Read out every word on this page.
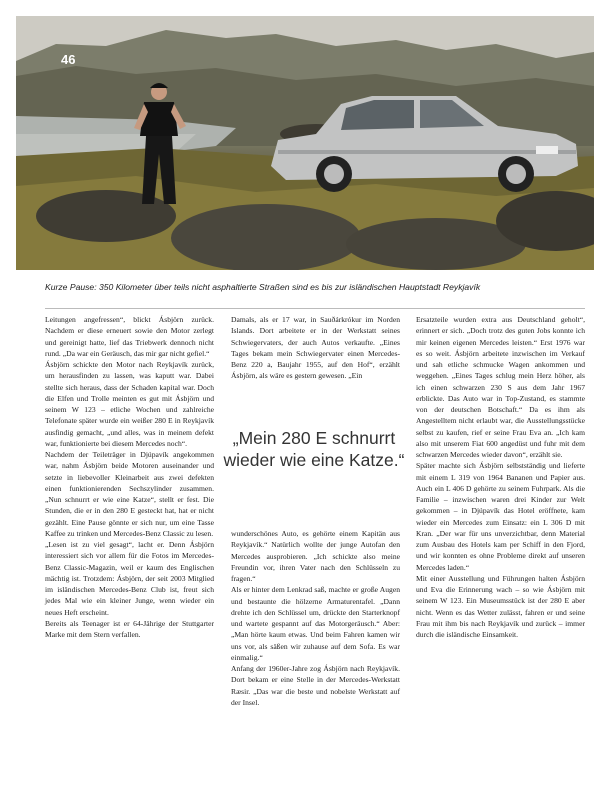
46
Kurze Pause: 350 Kilometer über teils nicht asphaltierte Straßen sind es bis zur isländischen Hauptstadt Reykjavík

Leitungen angefressen“, blickt Ásbjörn zurück. Nachdem er diese erneuert sowie den Motor zerlegt und gereinigt hatte, lief das Triebwerk dennoch nicht rund. „Da war ein Geräusch, das mir gar nicht gefiel.“

Ásbjörn schickte den Motor nach Reykjavík zurück, um herausfinden zu lassen, was kaputt war. Dabei stellte sich heraus, dass der Schaden kapital war. Doch die Elfen und Trolle meinten es gut mit Ásbjörn und seinem W 123 – etliche Wochen und zahlreiche Telefonate später wurde ein weißer 280 E in Reykjavík ausfindig gemacht, „und alles, was in meinem defekt war, funktionierte bei diesem Mercedes noch“.

Nachdem der Teileträger in Djúpavík angekommen war, nahm Ásbjörn beide Motoren auseinander und setzte in liebevoller Kleinarbeit aus zwei defekten einen funktionierenden Sechszylinder zusammen. „Nun schnurrt er wie eine Katze“, stellt er fest. Die Stunden, die er in den 280 E gesteckt hat, hat er nicht gezählt. Eine Pause gönnte er sich nur, um eine Tasse Kaffee zu trinken und Mercedes-Benz Classic zu lesen.

„Lesen ist zu viel gesagt“, lacht er. Denn Ásbjörn interessiert sich vor allem für die Fotos im Mercedes-Benz Classic-Magazin, weil er kaum des Englischen mächtig ist. Trotzdem: Ásbjörn, der seit 2003 Mitglied im isländischen Mercedes-Benz Club ist, freut sich jedes Mal wie ein kleiner Junge, wenn wieder ein neues Heft erscheint.

Bereits als Teenager ist er 64-Jährige der Stuttgarter Marke mit dem Stern verfallen.

Damals, als er 17 war, in Sauðárkrókur im Norden Islands. Dort arbeitete er in der Werkstatt seines Schwiegervaters, der auch Autos verkaufte. „Eines Tages bekam mein Schwiegervater einen Mercedes-Benz 220 a, Baujahr 1955, auf den Hof“, erzählt Ásbjörn, als wäre es gestern gewesen. „Ein

„Mein 280 E schnurrt wieder wie eine Katze.“

wunderschönes Auto, es gehörte einem Kapitän aus Reykjavík.“ Natürlich wollte der junge Autofan den Mercedes ausprobieren. „Ich schickte also meine Freundin vor, ihren Vater nach den Schlüsseln zu fragen.“

Als er hinter dem Lenkrad saß, machte er große Augen und bestaunte die hölzerne Armaturentafel. „Dann drehte ich den Schlüssel um, drückte den Starterknopf und wartete gespannt auf das Motorgeräusch.“ Aber: „Man hörte kaum etwas. Und beim Fahren kamen wir uns vor, als säßen wir zuhause auf dem Sofa. Es war einmalig.“

Anfang der 1960er-Jahre zog Ásbjörn nach Reykjavík. Dort bekam er eine Stelle in der Mercedes-Werkstatt Ræsir. „Das war die beste und nobelste Werkstatt auf der Insel.

Ersatzteile wurden extra aus Deutschland geholt“, erinnert er sich. „Doch trotz des guten Jobs konnte ich mir keinen eigenen Mercedes leisten.“ Erst 1976 war es so weit. Ásbjörn arbeitete inzwischen im Verkauf und sah etliche schmucke Wagen ankommen und weggehen. „Eines Tages schlug mein Herz höher, als ich einen schwarzen 230 S aus dem Jahr 1967 erblickte. Das Auto war in Top-Zustand, es stammte von der deutschen Botschaft.“ Da es ihm als Angestelltem nicht erlaubt war, die Ausstellungsstücke selbst zu kaufen, rief er seine Frau Eva an. „Ich kam also mit unserem Fiat 600 angedüst und fuhr mit dem schwarzen Mercedes wieder davon“, erzählt sie.

Später machte sich Ásbjörn selbstständig und lieferte mit einem L 319 von 1964 Bananen und Papier aus. Auch ein L 406 D gehörte zu seinem Fuhrpark. Als die Familie – inzwischen waren drei Kinder zur Welt gekommen – in Djúpavík das Hotel eröffnete, kam wieder ein Mercedes zum Einsatz: ein L 306 D mit Kran. „Der war für uns unverzichtbar, denn Material zum Ausbau des Hotels kam per Schiff in den Fjord, und wir konnten es ohne Probleme direkt auf unseren Mercedes laden.“

Mit einer Ausstellung und Führungen halten Ásbjörn und Eva die Erinnerung wach – so wie Ásbjörn mit seinem W 123. Ein Museumsstück ist der 280 E aber nicht. Wenn es das Wetter zulässt, fahren er und seine Frau mit ihm bis nach Reykjavík und zurück – immer durch die isländische Einsamkeit.
